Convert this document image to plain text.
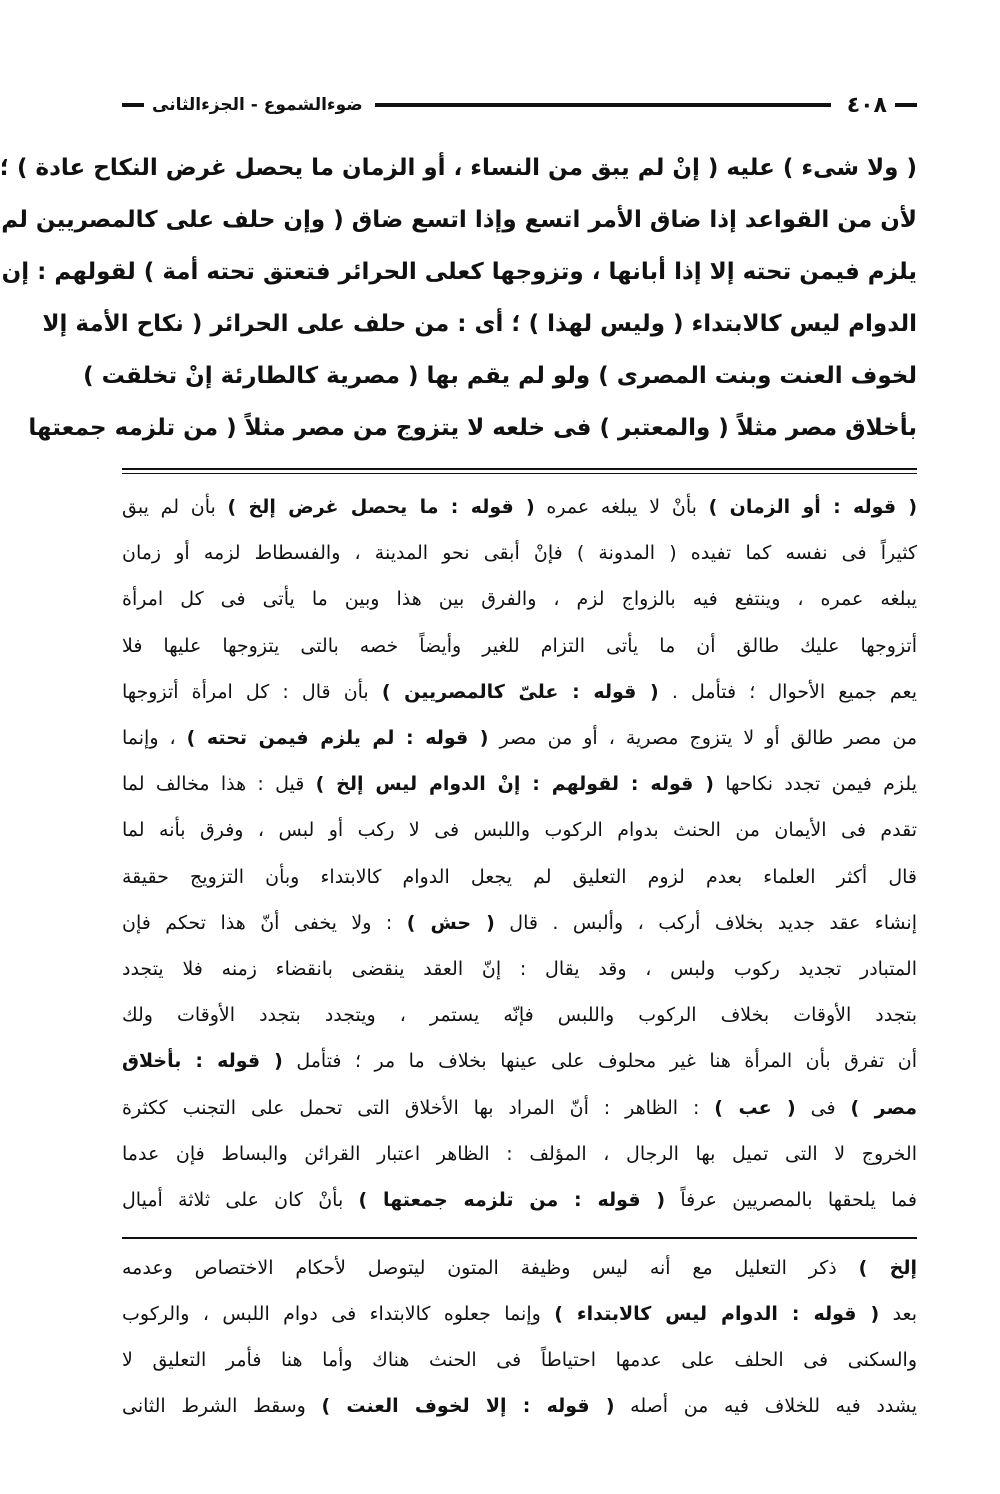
٤٠٨
ضوءالشموع - الجزءالثانى

( ولا شىء ) عليه ( إنْ لم يبق من النساء ، أو الزمان ما يحصل غرض النكاح عادة ) ؛

لأن من القواعد إذا ضاق الأمر اتسع وإذا اتسع ضاق ( وإن حلف على كالمصريين لم

يلزم فيمن تحته إلا إذا أبانها ، وتزوجها كعلى الحرائر فتعتق تحته أمة ) لقولهم : إن

الدوام ليس كالابتداء ( وليس لهذا ) ؛ أى : من حلف على الحرائر ( نكاح الأمة إلا

لخوف العنت وبنت المصرى ) ولو لم يقم بها ( مصرية كالطارئة إنْ تخلقت )

بأخلاق مصر مثلاً ( والمعتبر ) فى خلعه لا يتزوج من مصر مثلاً ( من تلزمه جمعتها

( قوله : أو الزمان ) بأنْ لا يبلغه عمره ( قوله : ما يحصل غرض إلخ ) بأن لم يبق

كثيراً فى نفسه كما تفيده ( المدونة ) فإنْ أبقى نحو المدينة ، والفسطاط لزمه أو زمان

يبلغه عمره ، وينتفع فيه بالزواج لزم ، والفرق بين هذا وبين ما يأتى فى كل امرأة

أتزوجها عليك طالق أن ما يأتى التزام للغير وأيضاً خصه بالتى يتزوجها عليها فلا

يعم جميع الأحوال ؛ فتأمل . ( قوله : علىّ كالمصريين ) بأن قال : كل امرأة أتزوجها

من مصر طالق أو لا يتزوج مصرية ، أو من مصر ( قوله : لم يلزم فيمن تحته ) ، وإنما

يلزم فيمن تجدد نكاحها ( قوله : لقولهم : إنْ الدوام ليس إلخ ) قيل : هذا مخالف لما

تقدم فى الأيمان من الحنث بدوام الركوب واللبس فى لا ركب أو لبس ، وفرق بأنه لما

قال أكثر العلماء بعدم لزوم التعليق لم يجعل الدوام كالابتداء وبأن التزويج حقيقة

إنشاء عقد جديد بخلاف أركب ، وألبس . قال ( حش ) : ولا يخفى أنّ هذا تحكم فإن

المتبادر تجديد ركوب ولبس ، وقد يقال : إنّ العقد ينقضى بانقضاء زمنه فلا يتجدد

بتجدد الأوقات بخلاف الركوب واللبس فإنّه يستمر ، ويتجدد بتجدد الأوقات ولك

أن تفرق بأن المرأة هنا غير محلوف على عينها بخلاف ما مر ؛ فتأمل ( قوله : بأخلاق

مصر ) فى ( عب ) : الظاهر : أنّ المراد بها الأخلاق التى تحمل على التجنب ككثرة

الخروج لا التى تميل بها الرجال ، المؤلف : الظاهر اعتبار القرائن والبساط فإن عدما

فما يلحقها بالمصريين عرفاً ( قوله : من تلزمه جمعتها ) بأنْ كان على ثلاثة أميال

إلخ ) ذكر التعليل مع أنه ليس وظيفة المتون ليتوصل لأحكام الاختصاص وعدمه

بعد ( قوله : الدوام ليس كالابتداء ) وإنما جعلوه كالابتداء فى دوام اللبس ، والركوب

والسكنى فى الحلف على عدمها احتياطاً فى الحنث هناك وأما هنا فأمر التعليق لا

يشدد فيه للخلاف فيه من أصله ( قوله : إلا لخوف العنت ) وسقط الشرط الثانى
